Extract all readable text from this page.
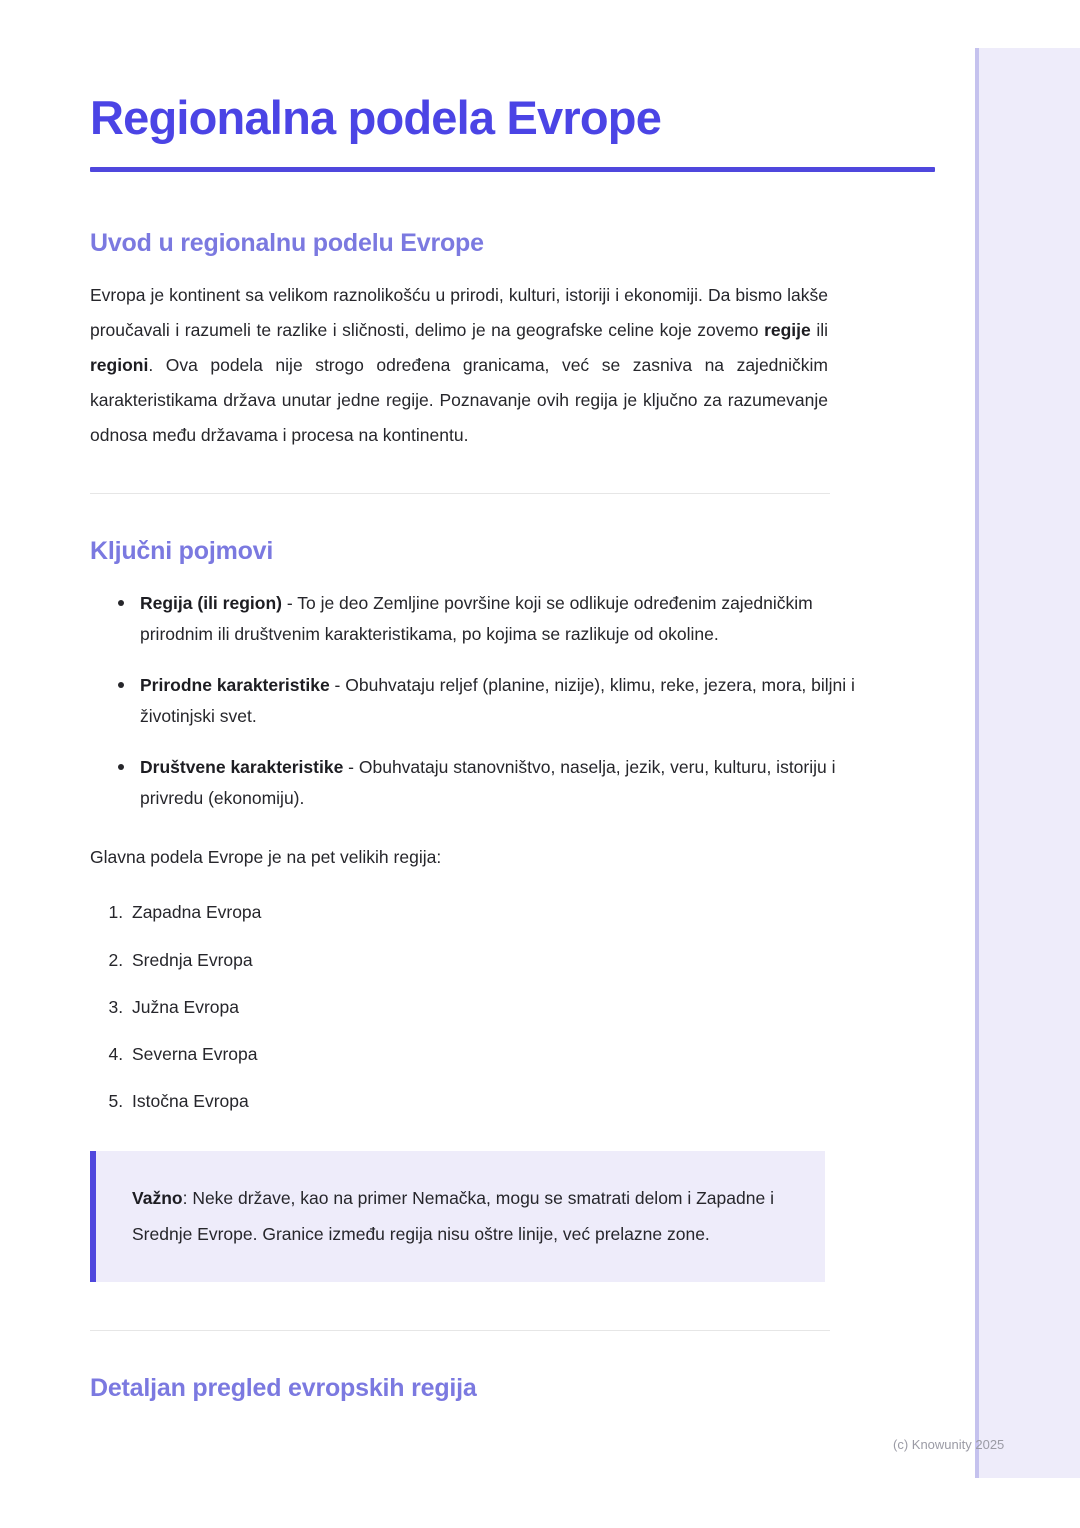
Regionalna podela Evrope
Uvod u regionalnu podelu Evrope

Evropa je kontinent sa velikom raznolikošću u prirodi, kulturi, istoriji i ekonomiji. Da bismo lakše proučavali i razumeli te razlike i sličnosti, delimo je na geografske celine koje zovemo regije ili regioni. Ova podela nije strogo određena granicama, već se zasniva na zajedničkim karakteristikama država unutar jedne regije. Poznavanje ovih regija je ključno za razumevanje odnosa među državama i procesa na kontinentu.

Ključni pojmovi
Regija (ili region) - To je deo Zemljine površine koji se odlikuje određenim zajedničkim prirodnim ili društvenim karakteristikama, po kojima se razlikuje od okoline.
Prirodne karakteristike - Obuhvataju reljef (planine, nizije), klimu, reke, jezera, mora, biljni i životinjski svet.
Društvene karakteristike - Obuhvataju stanovništvo, naselja, jezik, veru, kulturu, istoriju i privredu (ekonomiju).

Glavna podela Evrope je na pet velikih regija:

1. Zapadna Evropa
2. Srednja Evropa
3. Južna Evropa
4. Severna Evropa
5. Istočna Evropa

Važno: Neke države, kao na primer Nemačka, mogu se smatrati delom i Zapadne i Srednje Evrope. Granice između regija nisu oštre linije, već prelazne zone.

Detaljan pregled evropskih regija
(c) Knowunity 2025
